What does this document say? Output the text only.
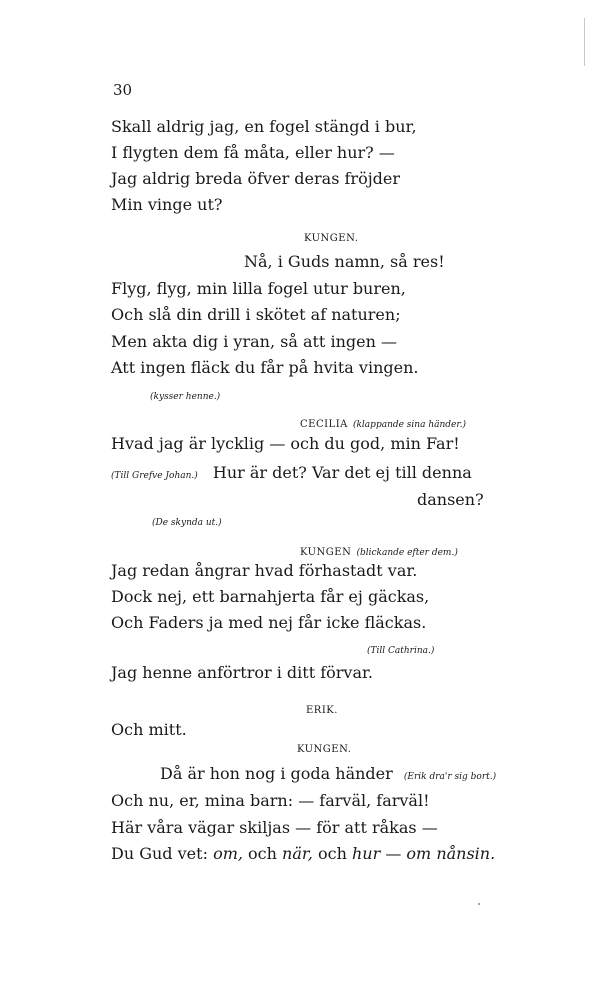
30
Skall aldrig jag, en fogel stängd i bur,
I flygten dem få måta, eller hur? —
Jag aldrig breda öfver deras fröjder
Min vinge ut?
KUNGEN.
Nå, i Guds namn, så res!
Flyg, flyg, min lilla fogel utur buren,
Och slå din drill i skötet af naturen;
Men akta dig i yran, så att ingen —
Att ingen fläck du får på hvita vingen.
(kysser henne.)
CECILIA (klappande sina händer.)
Hvad jag är lycklig — och du god, min Far!
(Till Grefve Johan.) Hur är det? Var det ej till denna
dansen?
(De skynda ut.)
KUNGEN (blickande efter dem.)
Jag redan ångrar hvad förhastadt var.
Dock nej, ett barnahjerta får ej gäckas,
Och Faders ja med nej får icke fläckas.
(Till Cathrina.)
Jag henne anförtror i ditt förvar.
ERIK.
Och mitt.
KUNGEN.
Då är hon nog i goda händer (Erik dra'r sig bort.)
Och nu, er, mina barn: — farväl, farväl!
Här våra vägar skiljas — för att råkas —
Du Gud vet: om, och när, och hur — om nånsin.
